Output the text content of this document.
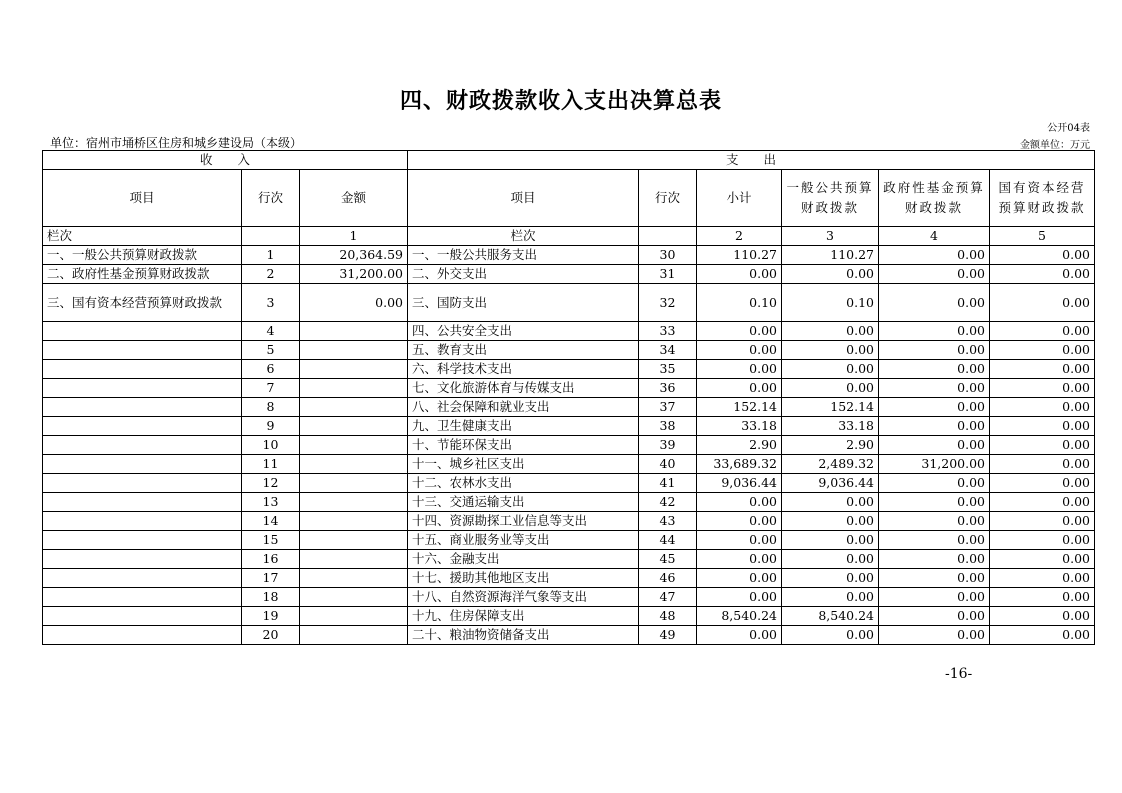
四、财政拨款收入支出决算总表
公开04表
单位：宿州市埇桥区住房和城乡建设局（本级）	金额单位：万元
收　　入			支　　出					
项目	行次	金额	项目	行次	小计	一般公共预算财政拨款	政府性基金预算财政拨款	国有资本经营预算财政拨款
栏次		1	栏次		2	3	4	5
一、一般公共预算财政拨款	1	20,364.59	一、一般公共服务支出	30	110.27	110.27	0.00	0.00
二、政府性基金预算财政拨款	2	31,200.00	二、外交支出	31	0.00	0.00	0.00	0.00
三、国有资本经营预算财政拨款	3	0.00	三、国防支出	32	0.10	0.10	0.00	0.00
	4		四、公共安全支出	33	0.00	0.00	0.00	0.00
	5		五、教育支出	34	0.00	0.00	0.00	0.00
	6		六、科学技术支出	35	0.00	0.00	0.00	0.00
	7		七、文化旅游体育与传媒支出	36	0.00	0.00	0.00	0.00
	8		八、社会保障和就业支出	37	152.14	152.14	0.00	0.00
	9		九、卫生健康支出	38	33.18	33.18	0.00	0.00
	10		十、节能环保支出	39	2.90	2.90	0.00	0.00
	11		十一、城乡社区支出	40	33,689.32	2,489.32	31,200.00	0.00
	12		十二、农林水支出	41	9,036.44	9,036.44	0.00	0.00
	13		十三、交通运输支出	42	0.00	0.00	0.00	0.00
	14		十四、资源勘探工业信息等支出	43	0.00	0.00	0.00	0.00
	15		十五、商业服务业等支出	44	0.00	0.00	0.00	0.00
	16		十六、金融支出	45	0.00	0.00	0.00	0.00
	17		十七、援助其他地区支出	46	0.00	0.00	0.00	0.00
	18		十八、自然资源海洋气象等支出	47	0.00	0.00	0.00	0.00
	19		十九、住房保障支出	48	8,540.24	8,540.24	0.00	0.00
	20		二十、粮油物资储备支出	49	0.00	0.00	0.00	0.00
-16-
